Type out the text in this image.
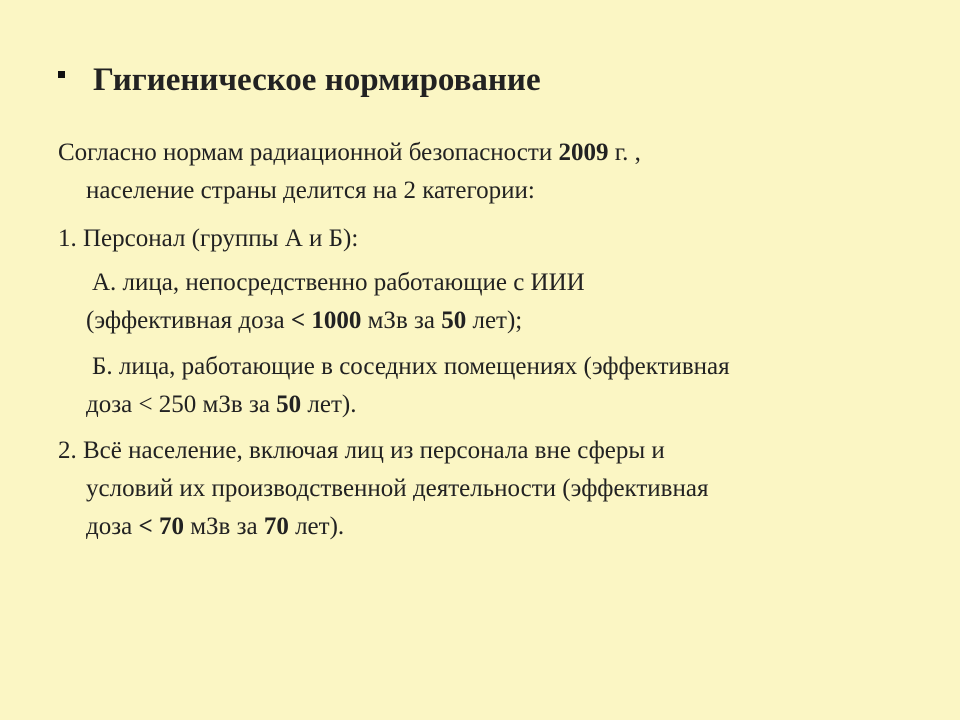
Гигиеническое нормирование
Согласно нормам радиационной безопасности 2009 г. ,
население страны делится на 2 категории:
1. Персонал (группы А и Б):
А. лица, непосредственно работающие с ИИИ
(эффективная доза < 1000 мЗв за 50 лет);
Б. лица, работающие в соседних помещениях (эффективная
доза < 250 мЗв за 50 лет).
2. Всё население, включая лиц из персонала вне сферы и
условий их производственной деятельности (эффективная
доза < 70 мЗв за 70 лет).
